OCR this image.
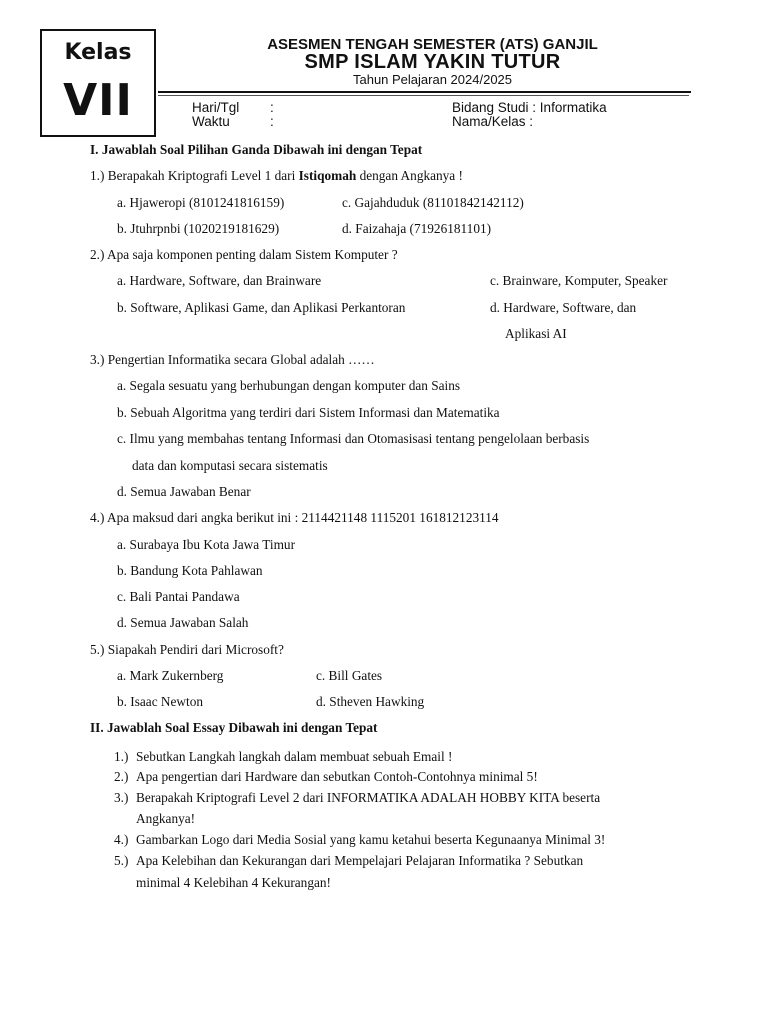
Kelas
VII
ASESMEN TENGAH SEMESTER (ATS) GANJIL
SMP ISLAM YAKIN TUTUR
Tahun Pelajaran 2024/2025
Hari/Tgl :
Waktu	:
Bidang Studi : Informatika
Nama/Kelas :
I. Jawablah Soal Pilihan Ganda Dibawah ini dengan Tepat
1.) Berapakah Kriptografi Level 1 dari Istiqomah dengan Angkanya !
a. Hjaweropi (8101241816159)	c. Gajahduduk (81101842142112)
b. Jtuhrpnbi (1020219181629)	d. Faizahaja (71926181101)
2.) Apa saja komponen penting dalam Sistem Komputer ?
a. Hardware, Software, dan Brainware	c. Brainware, Komputer, Speaker
b. Software, Aplikasi Game, dan Aplikasi Perkantoran	d. Hardware, Software, dan
Aplikasi AI
3.) Pengertian Informatika secara Global adalah ……
a. Segala sesuatu yang berhubungan dengan komputer dan Sains
b. Sebuah Algoritma yang terdiri dari Sistem Informasi dan Matematika
c. Ilmu yang membahas tentang Informasi dan Otomasisasi tentang pengelolaan berbasis
data dan komputasi secara sistematis
d. Semua Jawaban Benar
4.) Apa maksud dari angka berikut ini : 2114421148 1115201 161812123114
a. Surabaya Ibu Kota Jawa Timur
b. Bandung Kota Pahlawan
c. Bali Pantai Pandawa
d. Semua Jawaban Salah
5.) Siapakah Pendiri dari Microsoft?
a. Mark Zukernberg	c. Bill Gates
b. Isaac Newton	d. Stheven Hawking
II. Jawablah Soal Essay Dibawah ini dengan Tepat
1.) Sebutkan Langkah langkah dalam membuat sebuah Email !
2.) Apa pengertian dari Hardware dan sebutkan Contoh-Contohnya minimal 5!
3.) Berapakah Kriptografi Level 2 dari INFORMATIKA ADALAH HOBBY KITA beserta
Angkanya!
4.) Gambarkan Logo dari Media Sosial yang kamu ketahui beserta Kegunaanya Minimal 3!
5.) Apa Kelebihan dan Kekurangan dari Mempelajari Pelajaran Informatika ? Sebutkan
minimal 4 Kelebihan 4 Kekurangan!
